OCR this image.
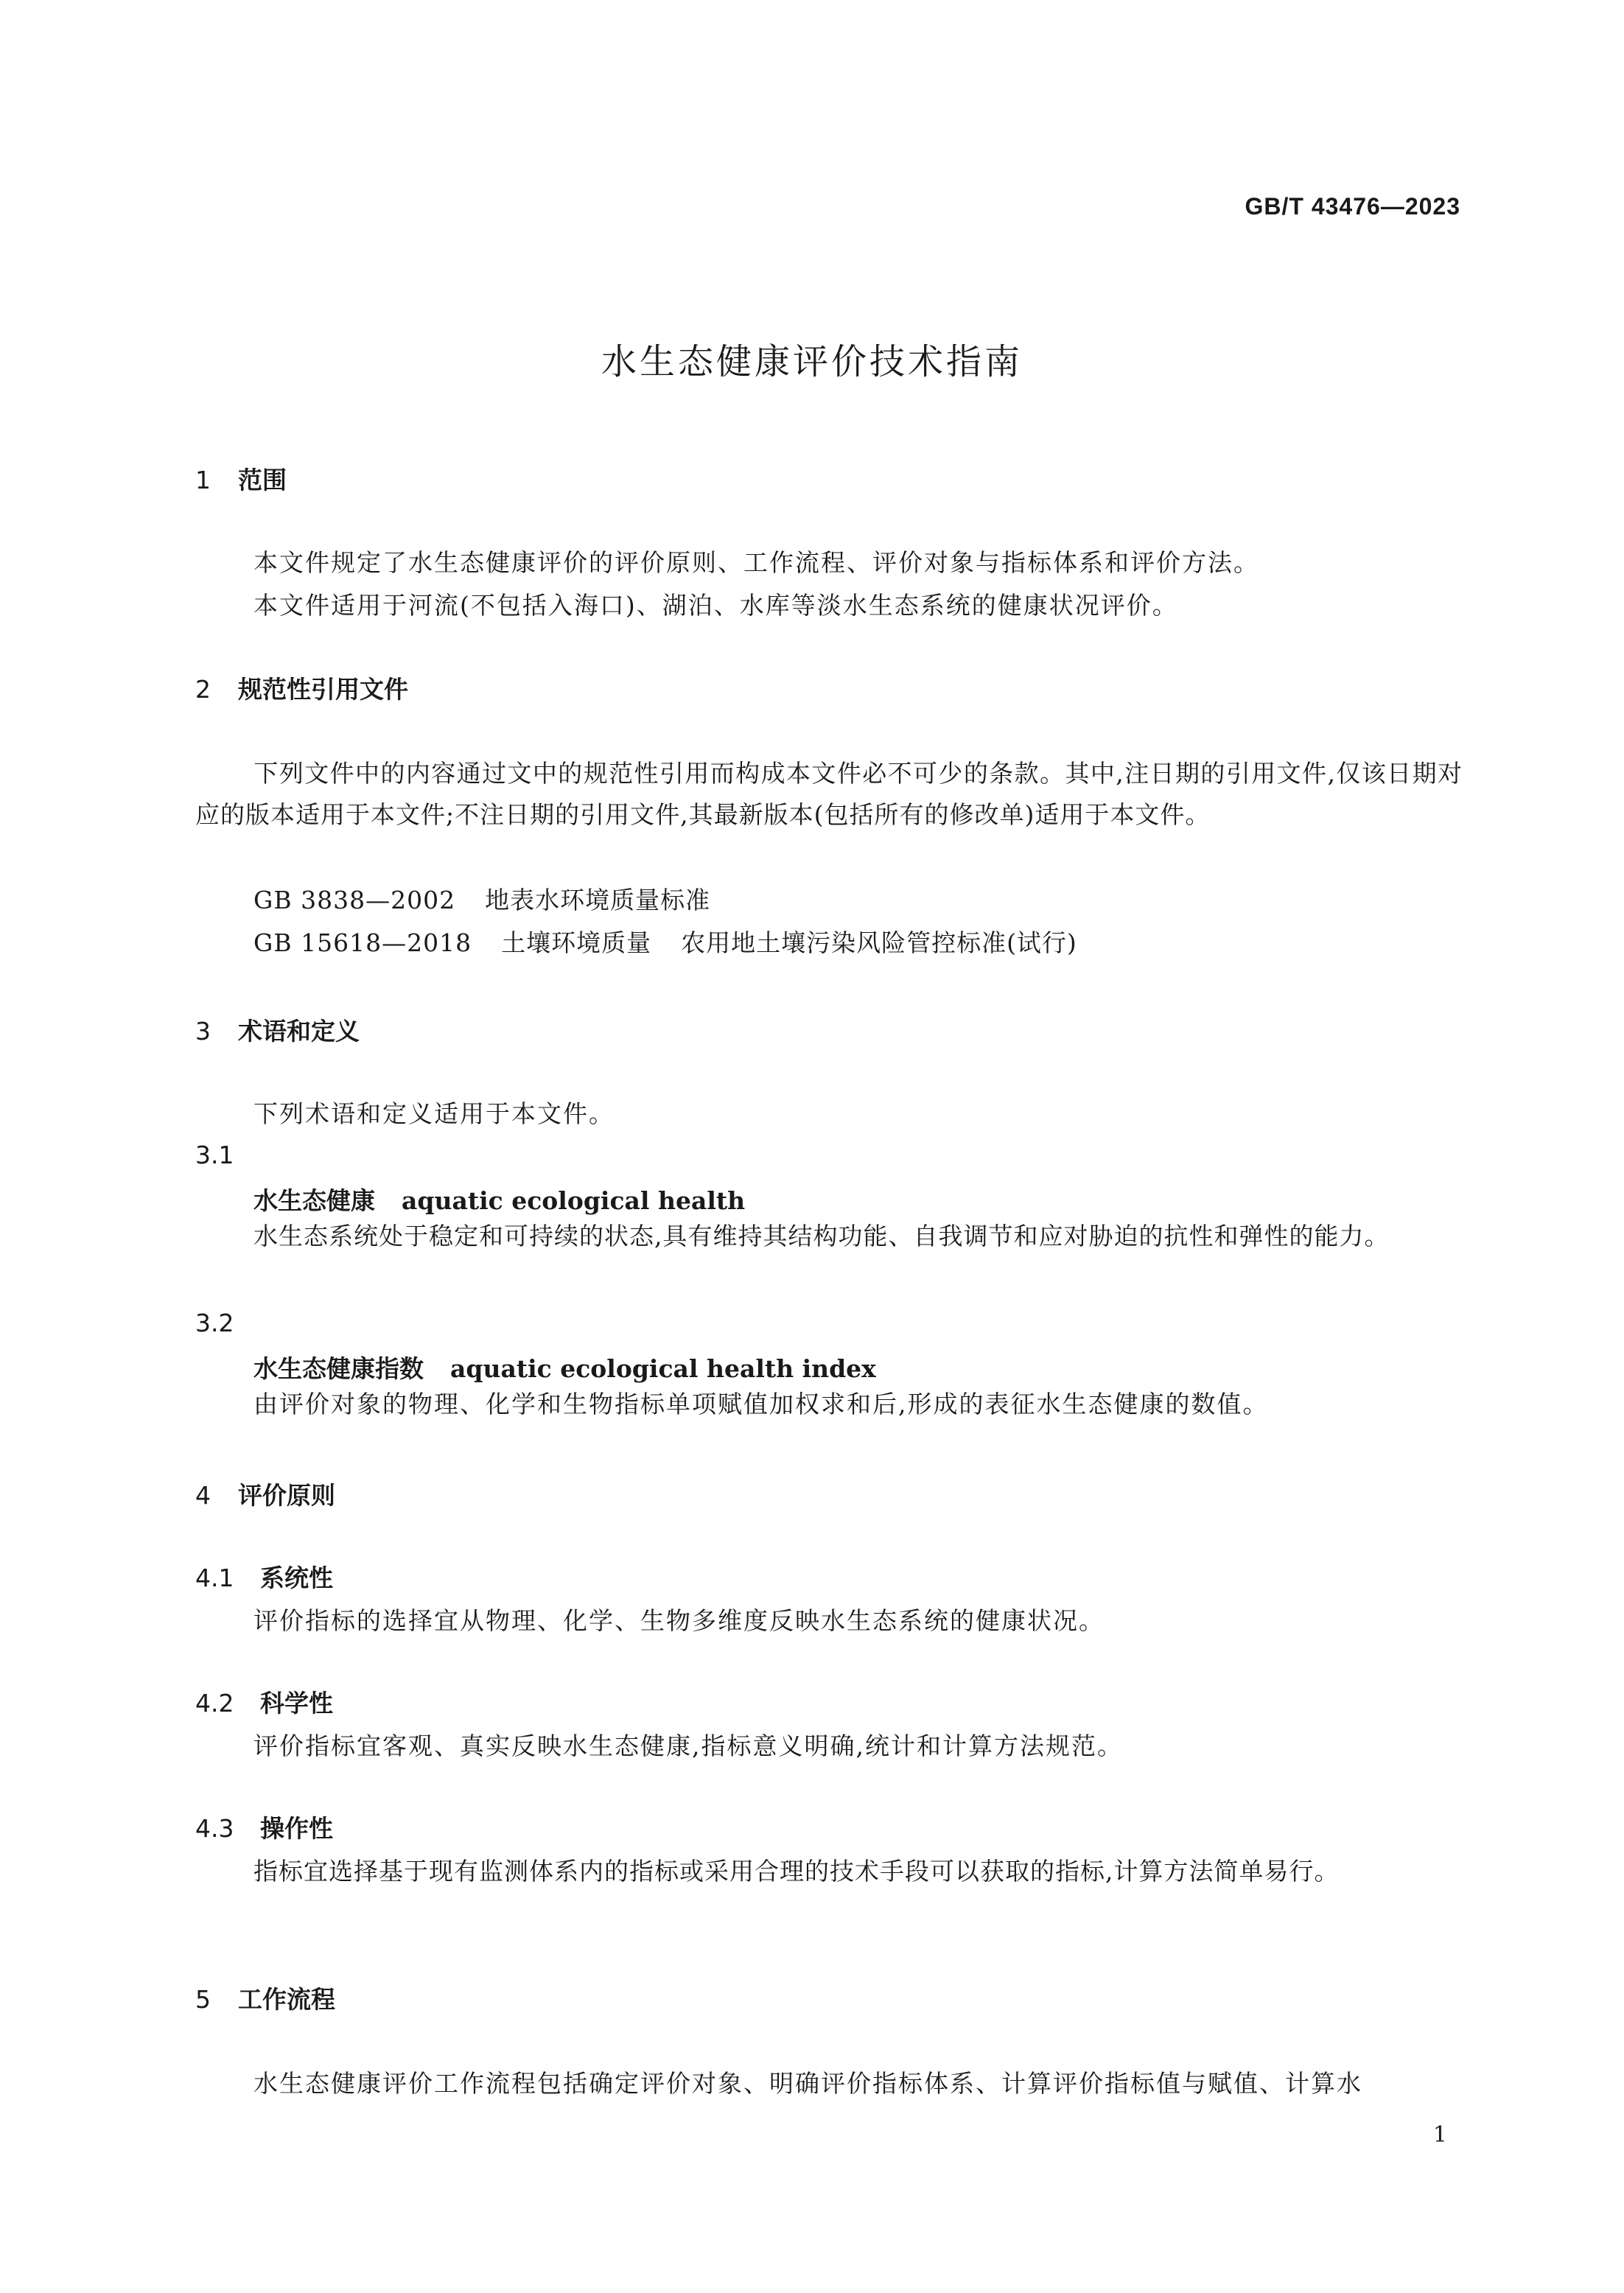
GB/T 43476—2023
水生态健康评价技术指南
1 范围
本文件规定了水生态健康评价的评价原则、工作流程、评价对象与指标体系和评价方法。
本文件适用于河流(不包括入海口)、湖泊、水库等淡水生态系统的健康状况评价。
2 规范性引用文件
下列文件中的内容通过文中的规范性引用而构成本文件必不可少的条款。其中,注日期的引用文件,仅该日期对应的版本适用于本文件;不注日期的引用文件,其最新版本(包括所有的修改单)适用于本文件。
GB 3838—2002 地表水环境质量标准
GB 15618—2018 土壤环境质量 农用地土壤污染风险管控标准(试行)
3 术语和定义
下列术语和定义适用于本文件。
3.1
水生态健康 aquatic ecological health
水生态系统处于稳定和可持续的状态,具有维持其结构功能、自我调节和应对胁迫的抗性和弹性的能力。
3.2
水生态健康指数 aquatic ecological health index
由评价对象的物理、化学和生物指标单项赋值加权求和后,形成的表征水生态健康的数值。
4 评价原则
4.1 系统性
评价指标的选择宜从物理、化学、生物多维度反映水生态系统的健康状况。
4.2 科学性
评价指标宜客观、真实反映水生态健康,指标意义明确,统计和计算方法规范。
4.3 操作性
指标宜选择基于现有监测体系内的指标或采用合理的技术手段可以获取的指标,计算方法简单易行。
5 工作流程
水生态健康评价工作流程包括确定评价对象、明确评价指标体系、计算评价指标值与赋值、计算水
1
